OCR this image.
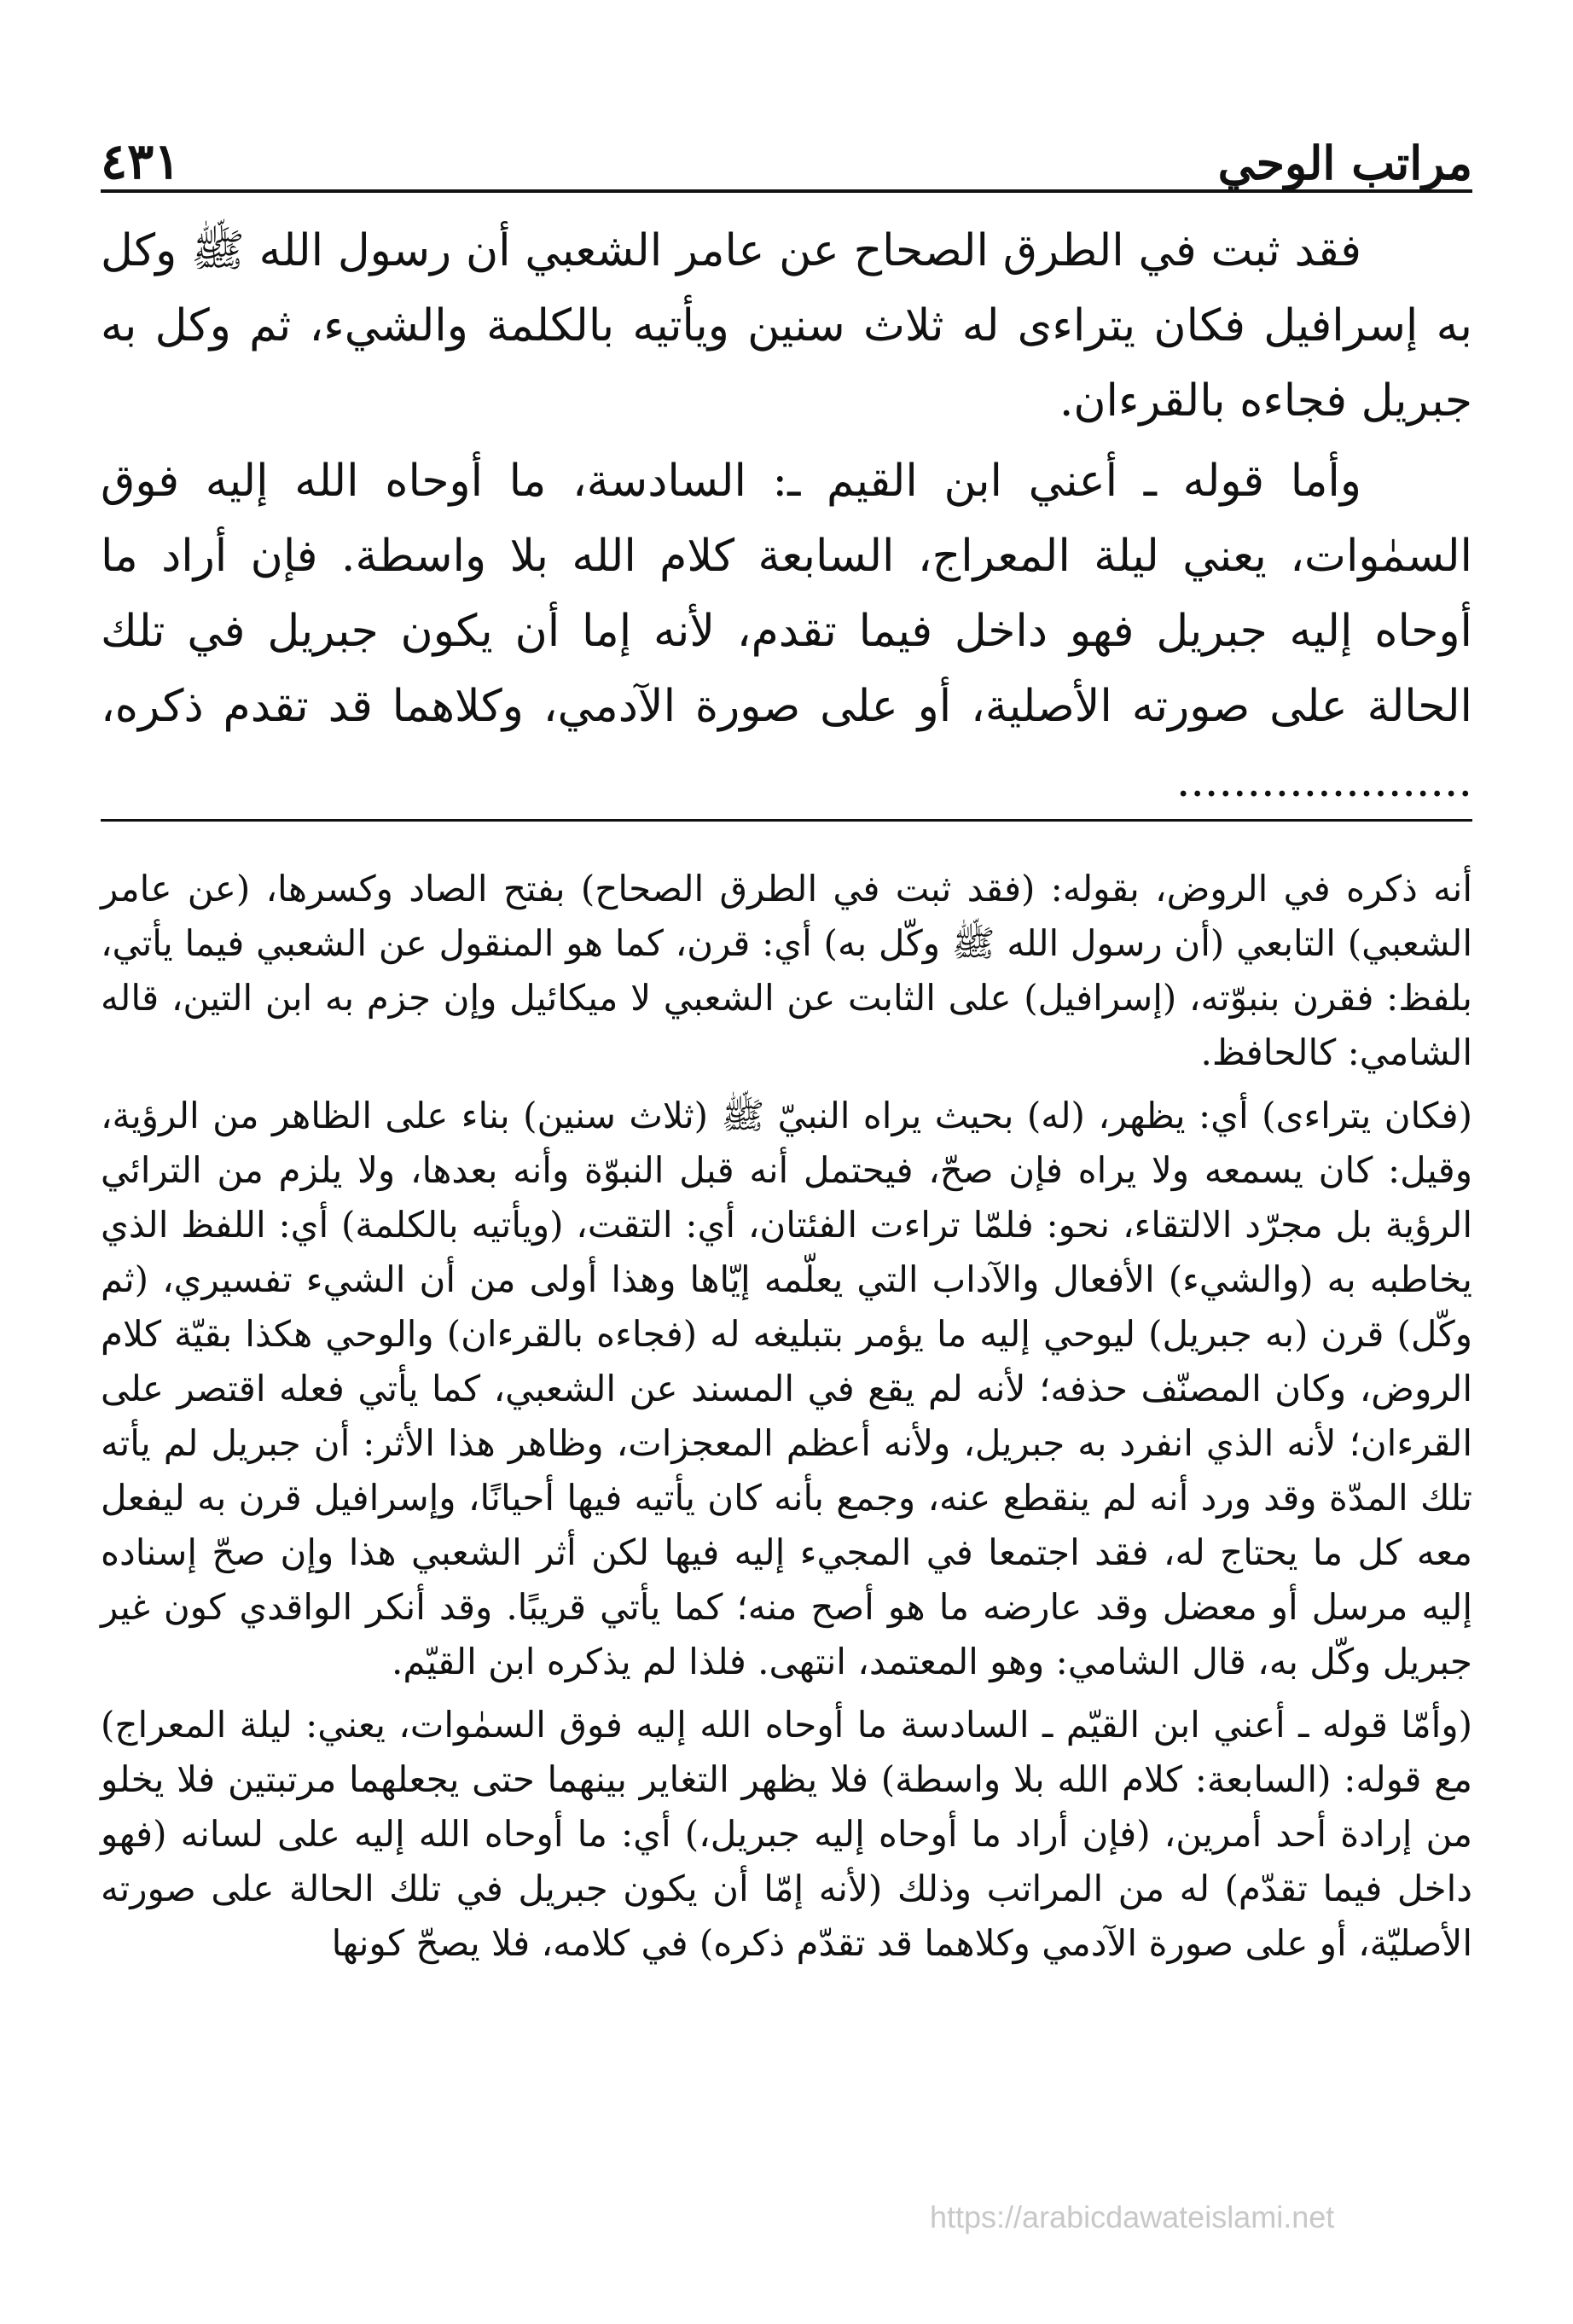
مراتب الوحي
٤٣١

فقد ثبت في الطرق الصحاح عن عامر الشعبي أن رسول الله ﷺ وكل به إسرافيل فكان يتراءى له ثلاث سنين ويأتيه بالكلمة والشيء، ثم وكل به جبريل فجاءه بالقرءان.

وأما قوله ـ أعني ابن القيم ـ: السادسة، ما أوحاه الله إليه فوق السمٰوات، يعني ليلة المعراج، السابعة كلام الله بلا واسطة. فإن أراد ما أوحاه إليه جبريل فهو داخل فيما تقدم، لأنه إما أن يكون جبريل في تلك الحالة على صورته الأصلية، أو على صورة الآدمي، وكلاهما قد تقدم ذكره، .....................

أنه ذكره في الروض، بقوله: (فقد ثبت في الطرق الصحاح) بفتح الصاد وكسرها، (عن عامر الشعبي) التابعي (أن رسول الله ﷺ وكّل به) أي: قرن، كما هو المنقول عن الشعبي فيما يأتي، بلفظ: فقرن بنبوّته، (إسرافيل) على الثابت عن الشعبي لا ميكائيل وإن جزم به ابن التين، قاله الشامي: كالحافظ.

(فكان يتراءى) أي: يظهر، (له) بحيث يراه النبيّ ﷺ (ثلاث سنين) بناء على الظاهر من الرؤية، وقيل: كان يسمعه ولا يراه فإن صحّ، فيحتمل أنه قبل النبوّة وأنه بعدها، ولا يلزم من الترائي الرؤية بل مجرّد الالتقاء، نحو: فلمّا تراءت الفئتان، أي: التقت، (ويأتيه بالكلمة) أي: اللفظ الذي يخاطبه به (والشيء) الأفعال والآداب التي يعلّمه إيّاها وهذا أولى من أن الشيء تفسيري، (ثم وكّل) قرن (به جبريل) ليوحي إليه ما يؤمر بتبليغه له (فجاءه بالقرءان) والوحي هكذا بقيّة كلام الروض، وكان المصنّف حذفه؛ لأنه لم يقع في المسند عن الشعبي، كما يأتي فعله اقتصر على القرءان؛ لأنه الذي انفرد به جبريل، ولأنه أعظم المعجزات، وظاهر هذا الأثر: أن جبريل لم يأته تلك المدّة وقد ورد أنه لم ينقطع عنه، وجمع بأنه كان يأتيه فيها أحيانًا، وإسرافيل قرن به ليفعل معه كل ما يحتاج له، فقد اجتمعا في المجيء إليه فيها لكن أثر الشعبي هذا وإن صحّ إسناده إليه مرسل أو معضل وقد عارضه ما هو أصح منه؛ كما يأتي قريبًا. وقد أنكر الواقدي كون غير جبريل وكّل به، قال الشامي: وهو المعتمد، انتهى. فلذا لم يذكره ابن القيّم.

(وأمّا قوله ـ أعني ابن القيّم ـ السادسة ما أوحاه الله إليه فوق السمٰوات، يعني: ليلة المعراج) مع قوله: (السابعة: كلام الله بلا واسطة) فلا يظهر التغاير بينهما حتى يجعلهما مرتبتين فلا يخلو من إرادة أحد أمرين، (فإن أراد ما أوحاه إليه جبريل،) أي: ما أوحاه الله إليه على لسانه (فهو داخل فيما تقدّم) له من المراتب وذلك (لأنه إمّا أن يكون جبريل في تلك الحالة على صورته الأصليّة، أو على صورة الآدمي وكلاهما قد تقدّم ذكره) في كلامه، فلا يصحّ كونها

https://arabicdawateislami.net
